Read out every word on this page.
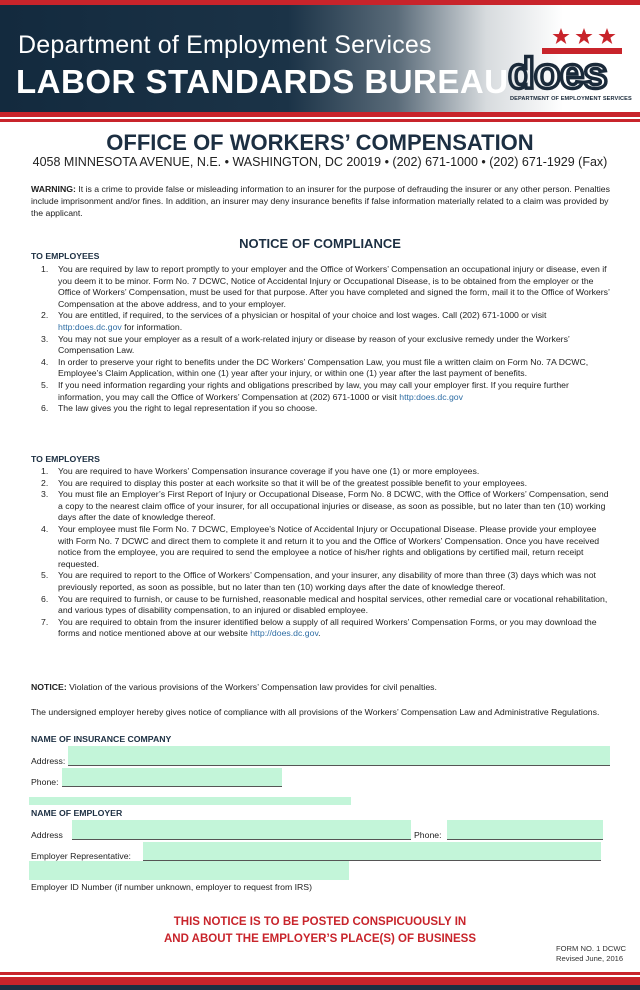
Department of Employment Services
LABOR STANDARDS BUREAU does
DEPARTMENT OF EMPLOYMENT SERVICES
OFFICE OF WORKERS’ COMPENSATION
4058 MINNESOTA AVENUE, N.E. • WASHINGTON, DC 20019 • (202) 671-1000 • (202) 671-1929 (Fax)
WARNING: It is a crime to provide false or misleading information to an insurer for the purpose of defrauding the insurer or any other person. Penalties include imprisonment and/or fines. In addition, an insurer may deny insurance benefits if false information materially related to a claim was provided by the applicant.
NOTICE OF COMPLIANCE
TO EMPLOYEES
1. You are required by law to report promptly to your employer and the Office of Workers’ Compensation an occupational injury or disease, even if you deem it to be minor. Form No. 7 DCWC, Notice of Accidental Injury or Occupational Disease, is to be obtained from the employer or the Office of Workers’ Compensation, must be used for that purpose. After you have completed and signed the form, mail it to the Office of Workers’ Compensation at the above address, and to your employer.
2. You are entitled, if required, to the services of a physician or hospital of your choice and lost wages. Call (202) 671-1000 or visit http:does.dc.gov for information.
3. You may not sue your employer as a result of a work-related injury or disease by reason of your exclusive remedy under the Workers’ Compensation Law.
4. In order to preserve your right to benefits under the DC Workers’ Compensation Law, you must file a written claim on Form No. 7A DCWC, Employee’s Claim Application, within one (1) year after your injury, or within one (1) year after the last payment of benefits.
5. If you need information regarding your rights and obligations prescribed by law, you may call your employer first. If you require further information, you may call the Office of Workers’ Compensation at (202) 671-1000 or visit http:does.dc.gov
6. The law gives you the right to legal representation if you so choose.
TO EMPLOYERS
1. You are required to have Workers’ Compensation insurance coverage if you have one (1) or more employees.
2. You are required to display this poster at each worksite so that it will be of the greatest possible benefit to your employees.
3. You must file an Employer’s First Report of Injury or Occupational Disease, Form No. 8 DCWC, with the Office of Workers’ Compensation, send a copy to the nearest claim office of your insurer, for all occupational injuries or disease, as soon as possible, but no later than ten (10) working days after the date of knowledge thereof.
4. Your employee must file Form No. 7 DCWC, Employee’s Notice of Accidental Injury or Occupational Disease. Please provide your employee with Form No. 7 DCWC and direct them to complete it and return it to you and the Office of Workers’ Compensation. Once you have received notice from the employee, you are required to send the employee a notice of his/her rights and obligations by certified mail, return receipt requested.
5. You are required to report to the Office of Workers’ Compensation, and your insurer, any disability of more than three (3) days which was not previously reported, as soon as possible, but no later than ten (10) working days after the date of knowledge thereof.
6. You are required to furnish, or cause to be furnished, reasonable medical and hospital services, other remedial care or vocational rehabilitation, and various types of disability compensation, to an injured or disabled employee.
7. You are required to obtain from the insurer identified below a supply of all required Workers’ Compensation Forms, or you may download the forms and notice mentioned above at our website http://does.dc.gov.
NOTICE: Violation of the various provisions of the Workers’ Compensation law provides for civil penalties.
The undersigned employer hereby gives notice of compliance with all provisions of the Workers’ Compensation Law and Administrative Regulations.
NAME OF INSURANCE COMPANY
Address:
Phone:
NAME OF EMPLOYER
Address	Phone:
Employer Representative:
Employer ID Number (if number unknown, employer to request from IRS)
THIS NOTICE IS TO BE POSTED CONSPICUOUSLY IN
AND ABOUT THE EMPLOYER’S PLACE(S) OF BUSINESS
FORM NO. 1 DCWC
Revised June, 2016
